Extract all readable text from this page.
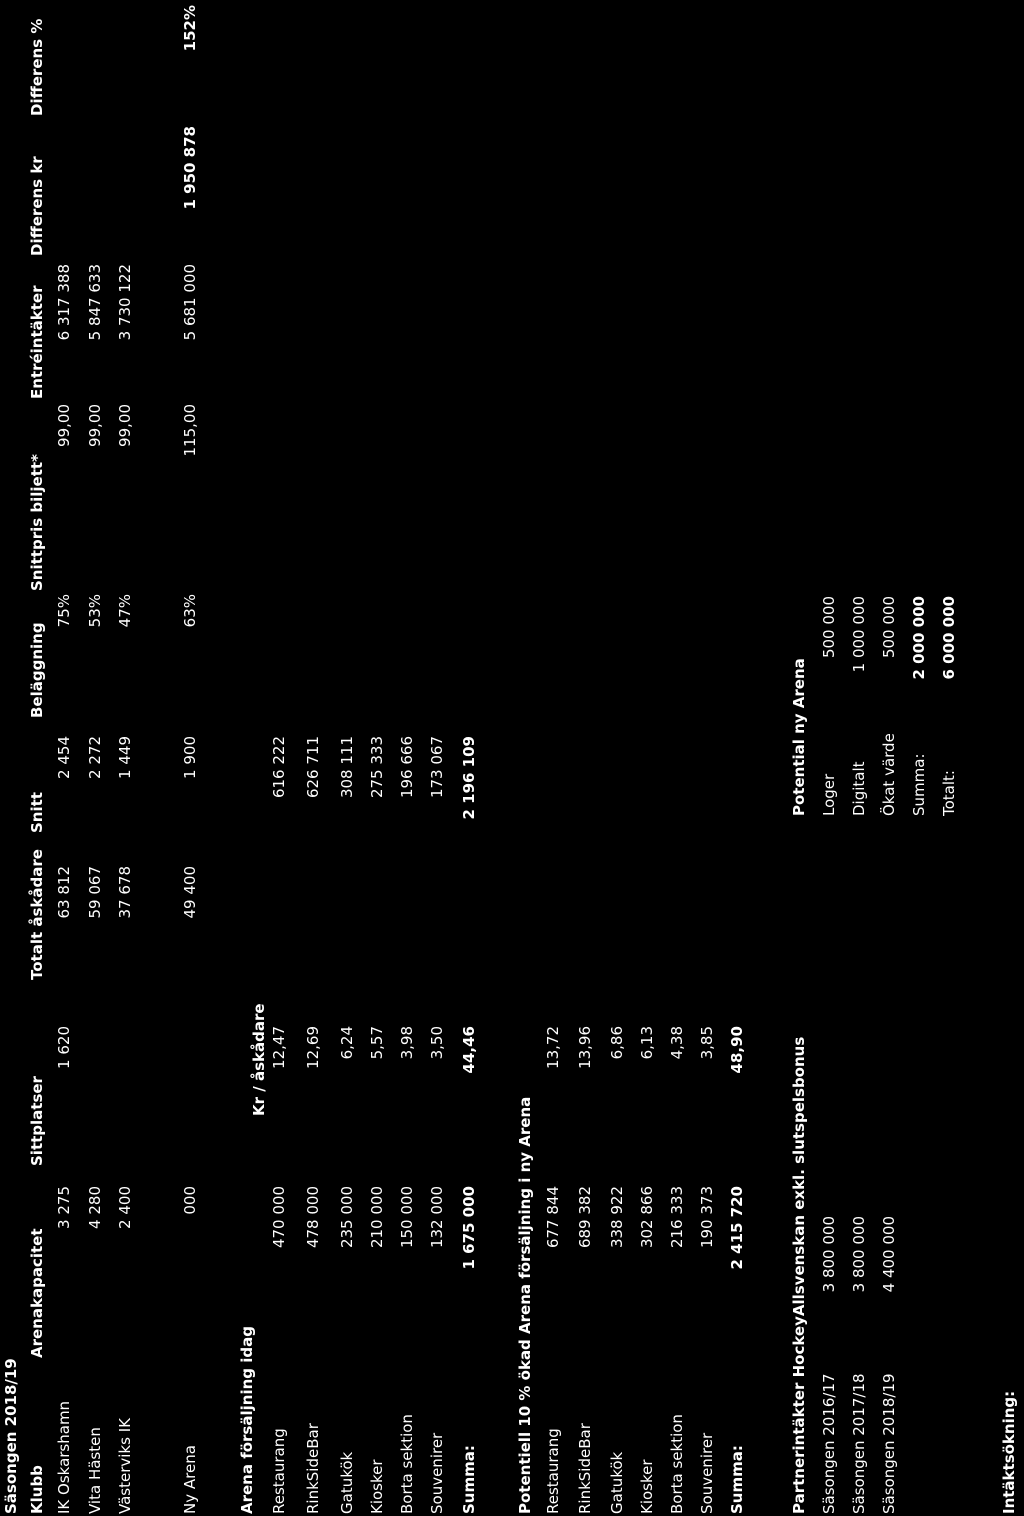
Säsongen 2018/19 Klubb
Arenakapacitet
Sittplatser
Totalt åskådare
Snitt
Beläggning
Snittpris biljett*
Entréintäkter
Differens kr
Differens %
IK Oskarshamn
3 275
1 620
63 812
2 454
75%
99,00
6 317 388
Vita Hästen
4 280
59 067
2 272
53%
99,00
5 847 633
Västerviks IK
2 400
37 678
1 449
47%
99,00
3 730 122
Ny Arena
000
49 400
1 900
63%
115,00
5 681 000
1 950 878
152%
Arena försäljning idag
Kr / åskådare
Restaurang
470 000
12,47
616 222
RinkSideBar
478 000
12,69
626 711
Gatukök
235 000
6,24
308 111
Kiosker
210 000
5,57
275 333
Borta sektion
150 000
3,98
196 666
Souvenirer
132 000
3,50
173 067
Summa:
1 675 000
44,46
2 196 109
Potentiell 10 % ökad Arena försäljning i ny Arena Restaurang
677 844
13,72
RinkSideBar
689 382
13,96
Gatukök
338 922
6,86
Kiosker
302 866
6,13
Borta sektion
216 333
4,38
Souvenirer
190 373
3,85
Summa:
2 415 720
48,90	Partnerintäkter HockeyAllsvenskan exkl. slutspelsbonus Säsongen 2016/17
3 800 000
Säsongen 2017/18
3 800 000
Säsongen 2018/19
4 400 000
Potential ny Arena Loger
500 000
Digitalt
1 000 000
Ökat värde
500 000
Summa:
2 000 000
Totalt:
6 000 000
Intäktsökning:
